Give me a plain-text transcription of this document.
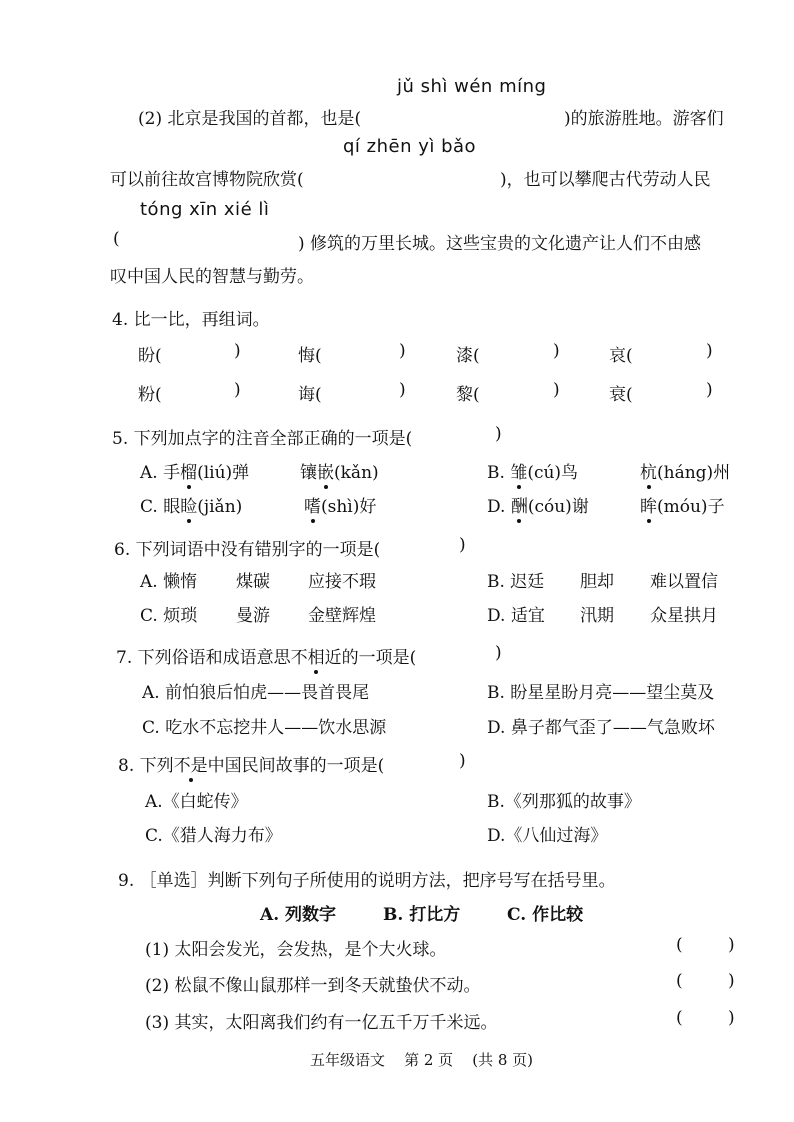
jǔ shì wén míng
(2) 北京是我国的首都，也是(	)的旅游胜地。游客们
qí zhēn yì bǎo
可以前往故宫博物院欣赏(	)，也可以攀爬古代劳动人民
tóng xīn xié lì
(	) 修筑的万里长城。这些宝贵的文化遗产让人们不由感
叹中国人民的智慧与勤劳。
4. 比一比，再组词。
盼(	)	悔(	)	漆(	)	哀(	)
粉(	)	诲(	)	黎(	)	衰(	)
5. 下列加点字的注音全部正确的一项是(	)
A. 手榴(liú)弹	镶嵌(kǎn)	B. 雏(cú)鸟	杭(háng)州
C. 眼睑(jiǎn)	嗜(shì)好	D. 酬(cóu)谢	眸(móu)子
6. 下列词语中没有错别字的一项是(	)
A. 懒惰 煤碳 应接不瑕	B. 迟廷 胆却 难以置信
C. 烦琐 曼游 金壁辉煌	D. 适宜 汛期 众星拱月
7. 下列俗语和成语意思不相近的一项是(	)
A. 前怕狼后怕虎——畏首畏尾	B. 盼星星盼月亮——望尘莫及
C. 吃水不忘挖井人——饮水思源	D. 鼻子都气歪了——气急败坏
8. 下列不是中国民间故事的一项是(	)
A.《白蛇传》	B.《列那狐的故事》
C.《猎人海力布》	D.《八仙过海》
9. ［单选］判断下列句子所使用的说明方法，把序号写在括号里。
A. 列数字	B. 打比方	C. 作比较
(1) 太阳会发光，会发热，是个大火球。	(	)
(2) 松鼠不像山鼠那样一到冬天就蛰伏不动。	(	)
(3) 其实，太阳离我们约有一亿五千万千米远。	(	)
五年级语文    第 2 页    (共 8 页)
